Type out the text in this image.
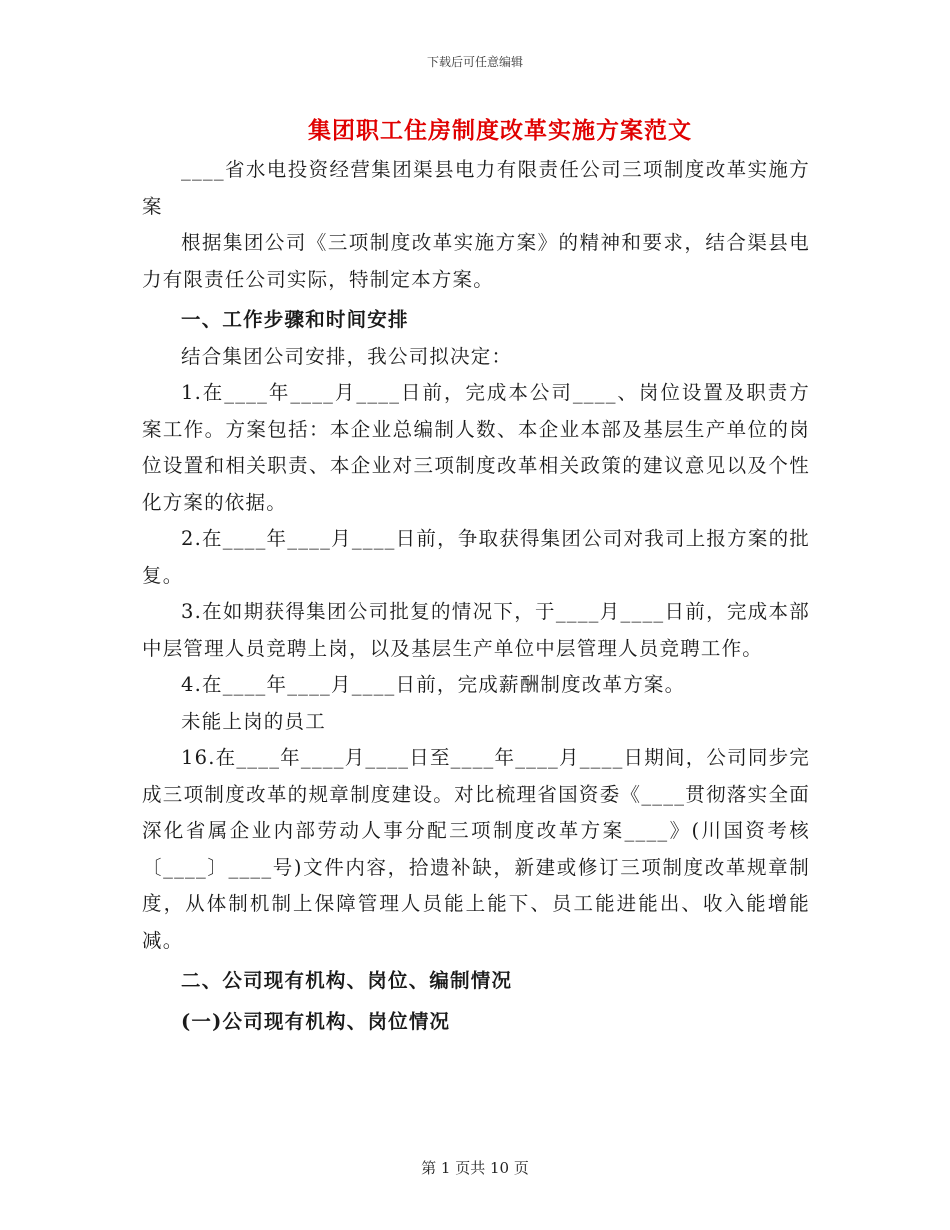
下载后可任意编辑
集团职工住房制度改革实施方案范文

____省水电投资经营集团渠县电力有限责任公司三项制度改革实施方案

根据集团公司《三项制度改革实施方案》的精神和要求，结合渠县电力有限责任公司实际，特制定本方案。

一、工作步骤和时间安排

结合集团公司安排，我公司拟决定：

1.在____年____月____日前，完成本公司____、岗位设置及职责方案工作。方案包括：本企业总编制人数、本企业本部及基层生产单位的岗位设置和相关职责、本企业对三项制度改革相关政策的建议意见以及个性化方案的依据。

2.在____年____月____日前，争取获得集团公司对我司上报方案的批复。

3.在如期获得集团公司批复的情况下，于____月____日前，完成本部中层管理人员竞聘上岗，以及基层生产单位中层管理人员竞聘工作。

4.在____年____月____日前，完成薪酬制度改革方案。

未能上岗的员工

16.在____年____月____日至____年____月____日期间，公司同步完成三项制度改革的规章制度建设。对比梳理省国资委《____贯彻落实全面深化省属企业内部劳动人事分配三项制度改革方案____》(川国资考核〔____〕____号)文件内容，拾遗补缺，新建或修订三项制度改革规章制度，从体制机制上保障管理人员能上能下、员工能进能出、收入能增能减。

二、公司现有机构、岗位、编制情况

(一)公司现有机构、岗位情况

第 1 页共 10 页
